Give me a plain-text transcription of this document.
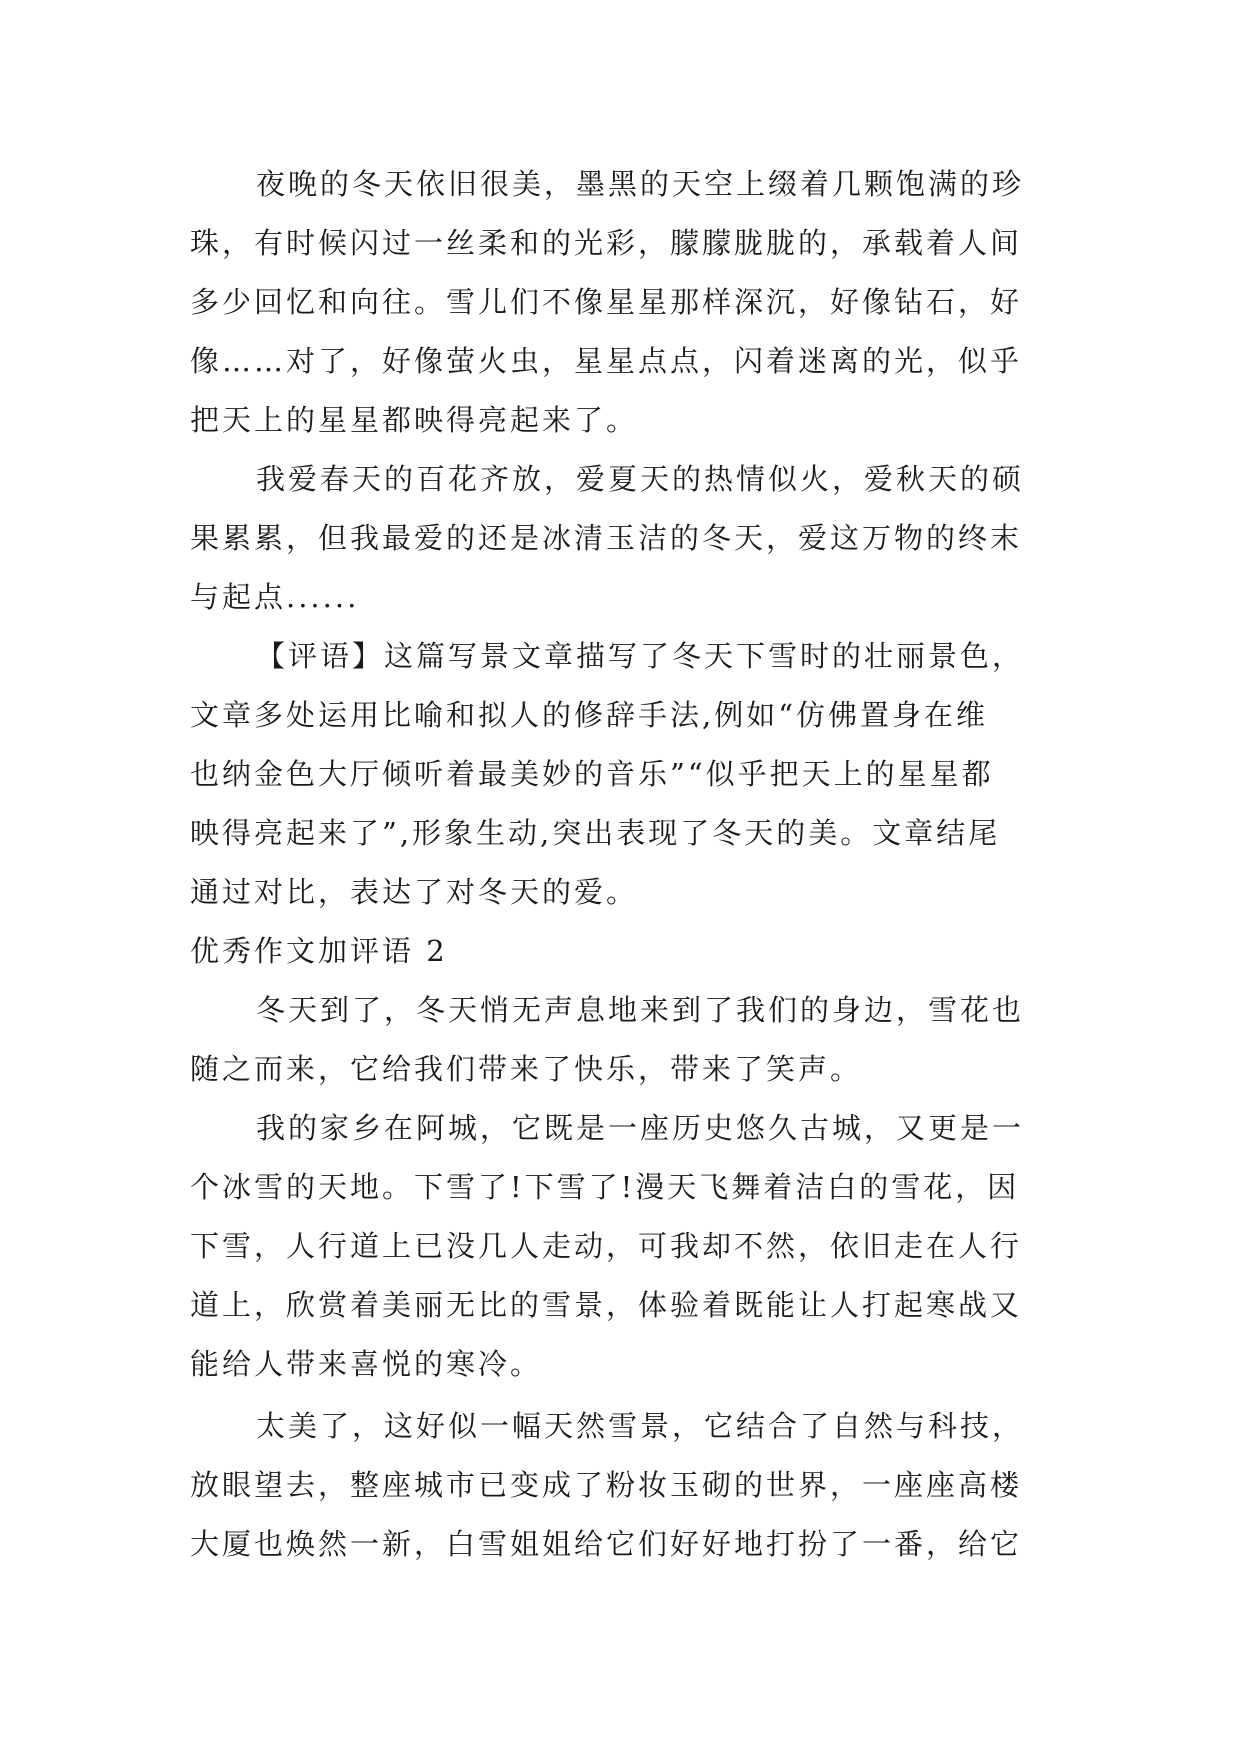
夜晚的冬天依旧很美，墨黑的天空上缀着几颗饱满的珍
珠，有时候闪过一丝柔和的光彩，朦朦胧胧的，承载着人间
多少回忆和向往。雪儿们不像星星那样深沉，好像钻石，好
像……对了，好像萤火虫，星星点点，闪着迷离的光，似乎
把天上的星星都映得亮起来了。
我爱春天的百花齐放，爱夏天的热情似火，爱秋天的硕
果累累，但我最爱的还是冰清玉洁的冬天，爱这万物的终末
与起点......
【评语】这篇写景文章描写了冬天下雪时的壮丽景色，
文章多处运用比喻和拟人的修辞手法,例如“仿佛置身在维
也纳金色大厅倾听着最美妙的音乐”“似乎把天上的星星都
映得亮起来了”,形象生动,突出表现了冬天的美。文章结尾
通过对比，表达了对冬天的爱。
优秀作文加评语 2
冬天到了，冬天悄无声息地来到了我们的身边，雪花也
随之而来，它给我们带来了快乐，带来了笑声。
我的家乡在阿城，它既是一座历史悠久古城，又更是一
个冰雪的天地。下雪了!下雪了!漫天飞舞着洁白的雪花，因
下雪，人行道上已没几人走动，可我却不然，依旧走在人行
道上，欣赏着美丽无比的雪景，体验着既能让人打起寒战又
能给人带来喜悦的寒冷。
太美了，这好似一幅天然雪景，它结合了自然与科技，
放眼望去，整座城市已变成了粉妆玉砌的世界，一座座高楼
大厦也焕然一新，白雪姐姐给它们好好地打扮了一番，给它
